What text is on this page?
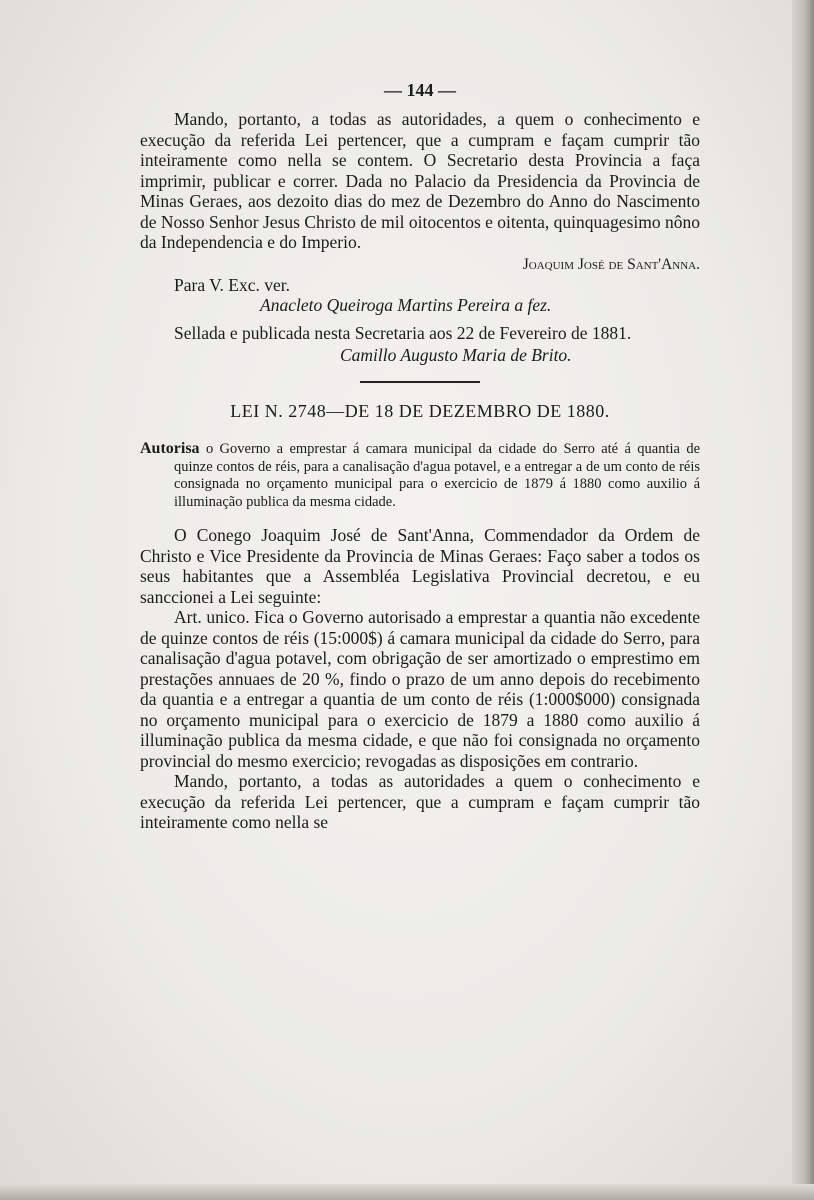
— 144 —

Mando, portanto, a todas as autoridades, a quem o conhecimento e execução da referida Lei pertencer, que a cumpram e façam cumprir tão inteiramente como nella se contem. O Secretario desta Provincia a faça imprimir, publicar e correr. Dada no Palacio da Presidencia da Provincia de Minas Geraes, aos dezoito dias do mez de Dezembro do Anno do Nascimento de Nosso Senhor Jesus Christo de mil oitocentos e oitenta, quinquagesimo nôno da Independencia e do Imperio.

Joaquim José de Sant'Anna.

Para V. Exc. ver.

Anacleto Queiroga Martins Pereira a fez.

Sellada e publicada nesta Secretaria aos 22 de Fevereiro de 1881.

Camillo Augusto Maria de Brito.

LEI N. 2748—DE 18 DE DEZEMBRO DE 1880.

Autorisa o Governo a emprestar á camara municipal da cidade do Serro até á quantia de quinze contos de réis, para a canalisação d'agua potavel, e a entregar a de um conto de réis consignada no orçamento municipal para o exercicio de 1879 á 1880 como auxilio á illuminação publica da mesma cidade.

O Conego Joaquim José de Sant'Anna, Commendador da Ordem de Christo e Vice Presidente da Provincia de Minas Geraes: Faço saber a todos os seus habitantes que a Assembléa Legislativa Provincial decretou, e eu sanccionei a Lei seguinte:

Art. unico. Fica o Governo autorisado a emprestar a quantia não excedente de quinze contos de réis (15:000$) á camara municipal da cidade do Serro, para canalisação d'agua potavel, com obrigação de ser amortizado o emprestimo em prestações annuaes de 20 %, findo o prazo de um anno depois do recebimento da quantia e a entregar a quantia de um conto de réis (1:000$000) consignada no orçamento municipal para o exercicio de 1879 a 1880 como auxilio á illuminação publica da mesma cidade, e que não foi consignada no orçamento provincial do mesmo exercicio; revogadas as disposições em contrario.

Mando, portanto, a todas as autoridades a quem o conhecimento e execução da referida Lei pertencer, que a cumpram e façam cumprir tão inteiramente como nella se
